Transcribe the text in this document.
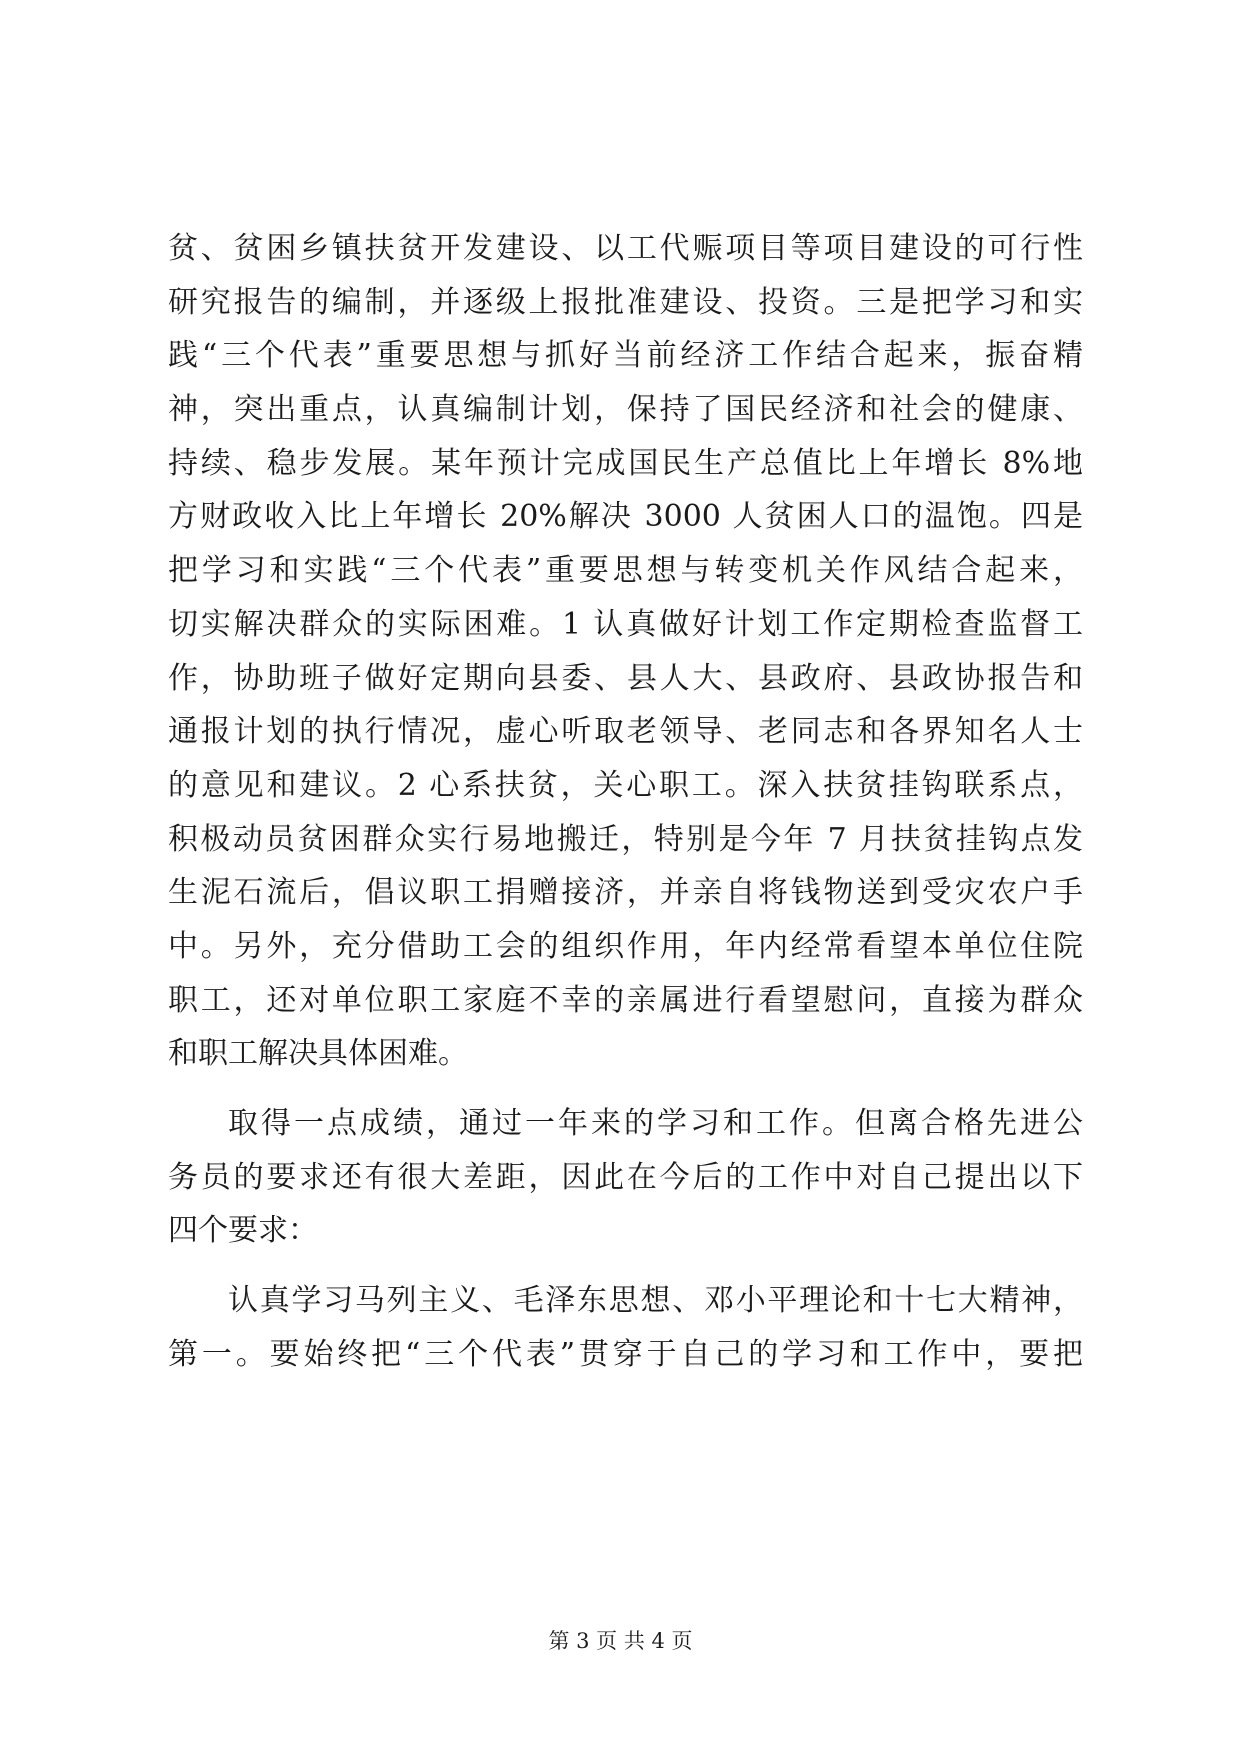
贫、贫困乡镇扶贫开发建设、以工代赈项目等项目建设的可行性
研究报告的编制，并逐级上报批准建设、投资。三是把学习和实
践“三个代表”重要思想与抓好当前经济工作结合起来，振奋精
神，突出重点，认真编制计划，保持了国民经济和社会的健康、
持续、稳步发展。某年预计完成国民生产总值比上年增长 8%地
方财政收入比上年增长 20%解决 3000 人贫困人口的温饱。四是
把学习和实践“三个代表”重要思想与转变机关作风结合起来，
切实解决群众的实际困难。1 认真做好计划工作定期检查监督工
作，协助班子做好定期向县委、县人大、县政府、县政协报告和
通报计划的执行情况，虚心听取老领导、老同志和各界知名人士
的意见和建议。2 心系扶贫，关心职工。深入扶贫挂钩联系点，
积极动员贫困群众实行易地搬迁，特别是今年 7 月扶贫挂钩点发
生泥石流后，倡议职工捐赠接济，并亲自将钱物送到受灾农户手
中。另外，充分借助工会的组织作用，年内经常看望本单位住院
职工，还对单位职工家庭不幸的亲属进行看望慰问，直接为群众
和职工解决具体困难。
取得一点成绩，通过一年来的学习和工作。但离合格先进公
务员的要求还有很大差距，因此在今后的工作中对自己提出以下
四个要求：
认真学习马列主义、毛泽东思想、邓小平理论和十七大精神，
第一。要始终把“三个代表”贯穿于自己的学习和工作中，要把
第 3 页 共 4 页
